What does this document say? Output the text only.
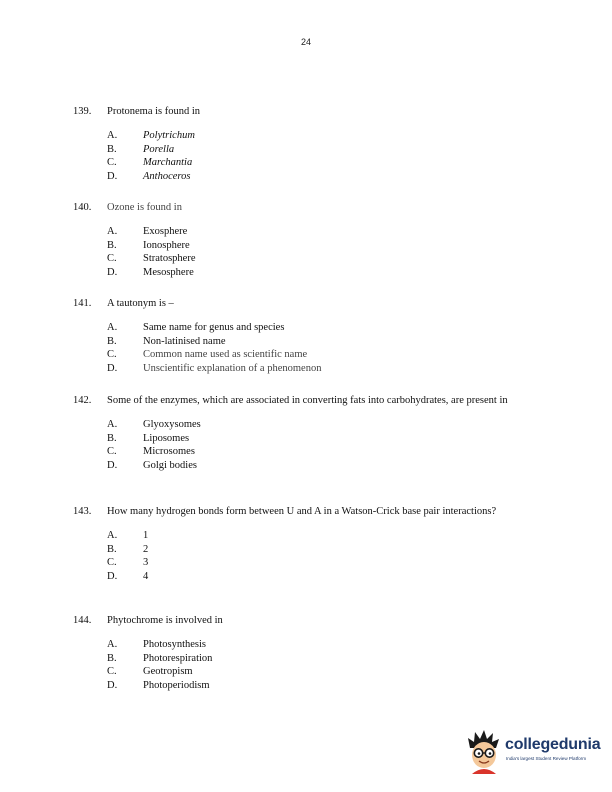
24
139.	Protonema is found in
A.	Polytrichum
B.	Porella
C.	Marchantia
D.	Anthoceros
140.	Ozone is found in
A.	Exosphere
B.	Ionosphere
C.	Stratosphere
D.	Mesosphere
141.	A tautonym is –
A.	Same name for genus and species
B.	Non-latinised name
C.	Common name used as scientific name
D.	Unscientific explanation of a phenomenon
142.	Some of the enzymes, which are associated in converting fats into carbohydrates, are present in
A.	Glyoxysomes
B.	Liposomes
C.	Microsomes
D.	Golgi bodies
143.	How many hydrogen bonds form between U and A in a Watson-Crick base pair interactions?
A.	1
B.	2
C.	3
D.	4
144.	Phytochrome is involved in
A.	Photosynthesis
B.	Photorespiration
C.	Geotropism
D.	Photoperiodism
collegedunia
India's largest Student Review Platform
